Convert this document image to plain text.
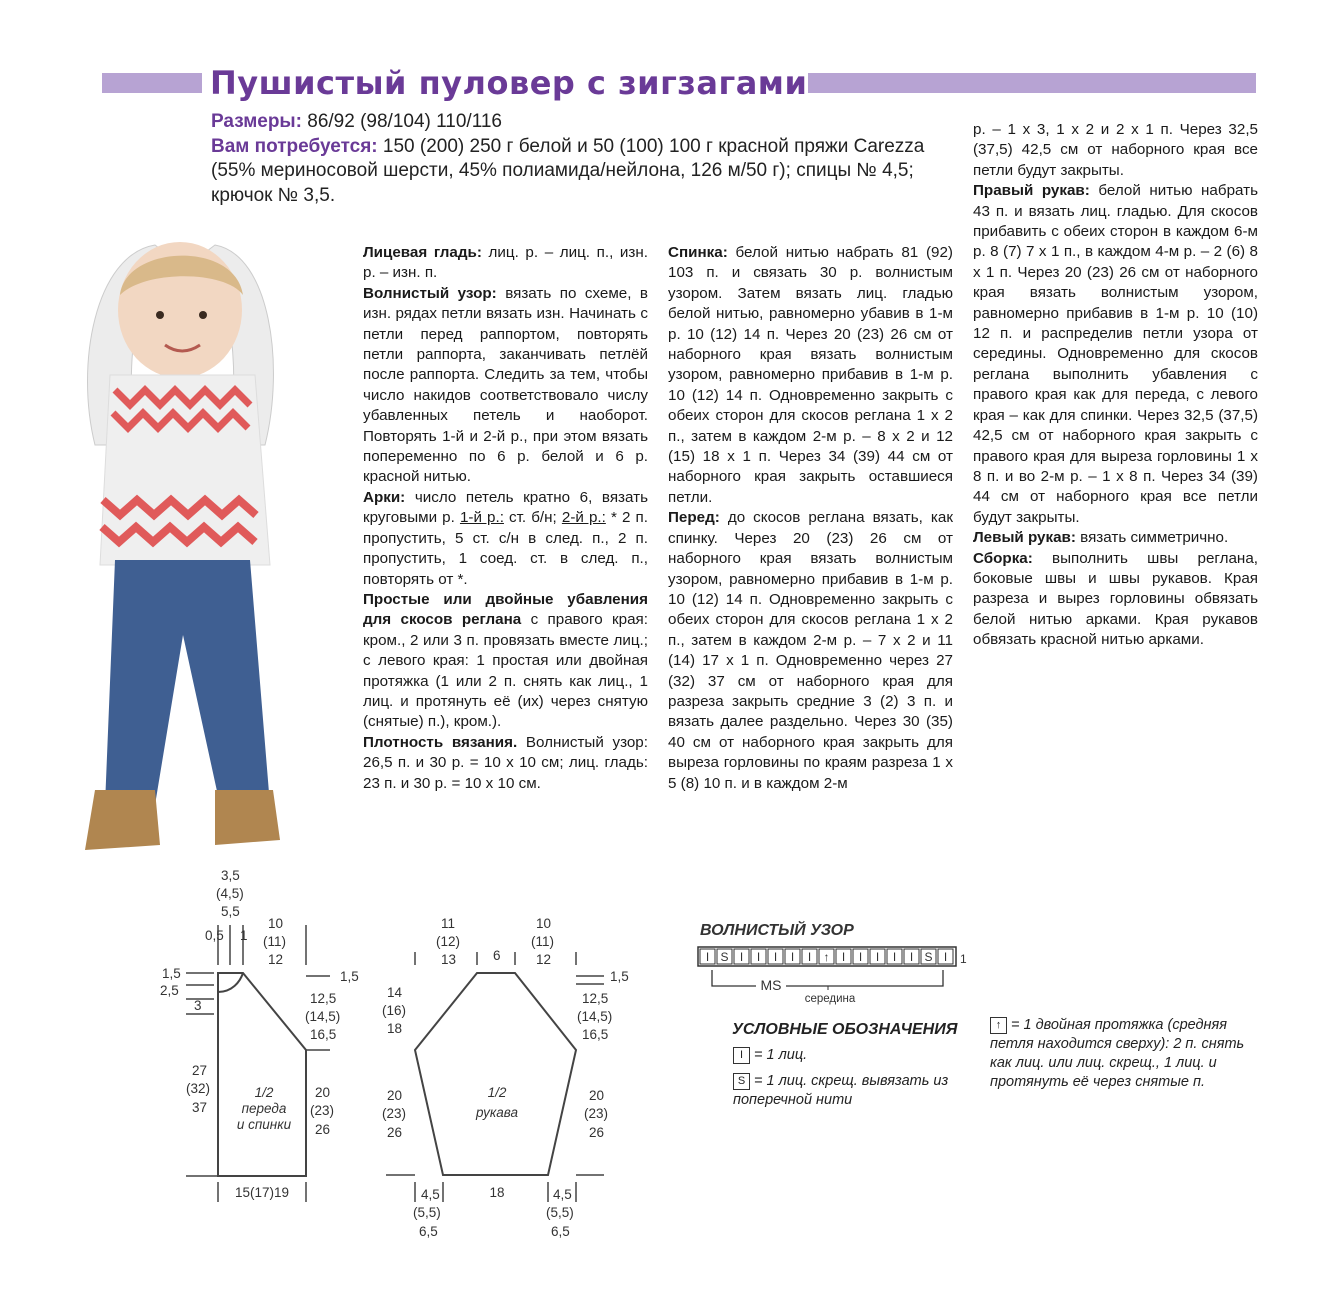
Пушистый пуловер с зигзагами
Размеры: 86/92 (98/104) 110/116
Вам потребуется: 150 (200) 250 г белой и 50 (100) 100 г красной пряжи Carezza (55% мериносовой шерсти, 45% полиамида/нейлона, 126 м/50 г); спицы № 4,5; крючок № 3,5.

Лицевая гладь: лиц. р. – лиц. п., изн. р. – изн. п.

Волнистый узор: вязать по схеме, в изн. рядах петли вязать изн. Начинать с петли перед раппортом, повторять петли раппорта, заканчивать петлёй после раппорта. Следить за тем, чтобы число накидов соответствовало числу убавленных петель и наоборот. Повторять 1-й и 2-й р., при этом вязать попеременно по 6 р. белой и 6 р. красной нитью.

Арки: число петель кратно 6, вязать круговыми р. 1-й р.: ст. б/н; 2-й р.: * 2 п. пропустить, 5 ст. с/н в след. п., 2 п. пропустить, 1 соед. ст. в след. п., повторять от *.

Простые или двойные убавления для скосов реглана с правого края: кром., 2 или 3 п. провязать вместе лиц.; с левого края: 1 простая или двойная протяжка (1 или 2 п. снять как лиц., 1 лиц. и протянуть её (их) через снятую (снятые) п.), кром.).

Плотность вязания. Волнистый узор: 26,5 п. и 30 р. = 10 х 10 см; лиц. гладь: 23 п. и 30 р. = 10 х 10 см.

Спинка: белой нитью набрать 81 (92) 103 п. и связать 30 р. волнистым узором. Затем вязать лиц. гладью белой нитью, равномерно убавив в 1-м р. 10 (12) 14 п. Через 20 (23) 26 см от наборного края вязать волнистым узором, равномерно прибавив в 1-м р. 10 (12) 14 п. Одновременно закрыть с обеих сторон для скосов реглана 1 х 2 п., затем в каждом 2-м р. – 8 х 2 и 12 (15) 18 х 1 п. Через 34 (39) 44 см от наборного края закрыть оставшиеся петли.

Перед: до скосов реглана вязать, как спинку. Через 20 (23) 26 см от наборного края вязать волнистым узором, равномерно прибавив в 1-м р. 10 (12) 14 п. Одновременно закрыть с обеих сторон для скосов реглана 1 х 2 п., затем в каждом 2-м р. – 7 х 2 и 11 (14) 17 х 1 п. Одновременно через 27 (32) 37 см от наборного края для разреза закрыть средние 3 (2) 3 п. и вязать далее раздельно. Через 30 (35) 40 см от наборного края закрыть для выреза горловины по краям разреза 1 х 5 (8) 10 п. и в каждом 2-м

р. – 1 х 3, 1 х 2 и 2 х 1 п. Через 32,5 (37,5) 42,5 см от наборного края все петли будут закрыты.

Правый рукав: белой нитью набрать 43 п. и вязать лиц. гладью. Для скосов прибавить с обеих сторон в каждом 6-м р. 8 (7) 7 х 1 п., в каждом 4-м р. – 2 (6) 8 х 1 п. Через 20 (23) 26 см от наборного края вязать волнистым узором, равномерно прибавив в 1-м р. 10 (10) 12 п. и распределив петли узора от середины. Одновременно для скосов реглана выполнить убавления с правого края как для переда, с левого края – как для спинки. Через 32,5 (37,5) 42,5 см от наборного края закрыть с правого края для выреза горловины 1 х 8 п. и во 2-м р. – 1 х 8 п. Через 34 (39) 44 см от наборного края все петли будут закрыты.

Левый рукав: вязать симметрично.

Сборка: выполнить швы реглана, боковые швы и швы рукавов. Края разреза и вырез горловины обвязать белой нитью арками. Края рукавов обвязать красной нитью арками.

3,5
(4,5)
5,5
0,5 1
10
(11)
12
1,5
2,5
3
1,5
12,5
(14,5)
16,5
27
(32)
37
20
(23)
26
1/2
переда
и спинки
15(17)19
11
(12)
13	6
10
(11)
12
1,5
14
(16)
18
12,5
(14,5)
16,5
20
(23)
26
20
(23)
26
1/2
рукава
4,5
(5,5)
6,5
18	4,5
(5,5)
6,5
ВОЛНИСТЫЙ УЗОР
I S I I I I I ↑ I I I I I S I 1
MS
середина
УСЛОВНЫЕ ОБОЗНАЧЕНИЯ
I = 1 лиц.
S = 1 лиц. скрещ. вывязать из поперечной нити
↑ = 1 двойная протяжка (средняя петля находится сверху): 2 п. снять как лиц. или лиц. скрещ., 1 лиц. и протянуть её через снятые п.
